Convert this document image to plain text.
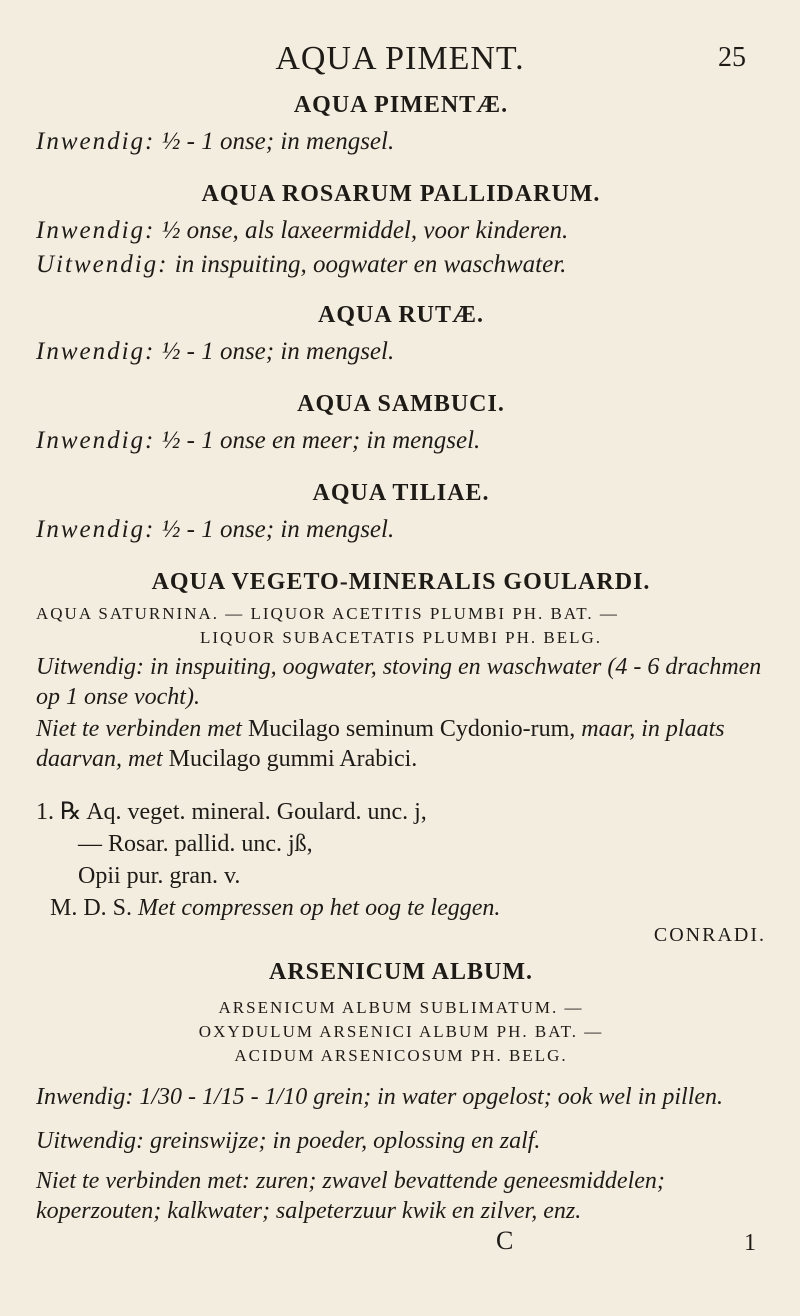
AQUA PIMENT.	25

AQUA PIMENTÆ.

Inwendig: ½ - 1 onse; in mengsel.

AQUA ROSARUM PALLIDARUM.

Inwendig: ½ onse, als laxeermiddel, voor kinderen.

Uitwendig: in inspuiting, oogwater en waschwater.

AQUA RUTÆ.

Inwendig: ½ - 1 onse; in mengsel.

AQUA SAMBUCI.

Inwendig: ½ - 1 onse en meer; in mengsel.

AQUA TILIAE.

Inwendig: ½ - 1 onse; in mengsel.

AQUA VEGETO-MINERALIS GOULARDI.

AQUA SATURNINA. — LIQUOR ACETITIS PLUMBI PH. BAT. —

LIQUOR SUBACETATIS PLUMBI PH. BELG.

Uitwendig: in inspuiting, oogwater, stoving en waschwater (4 - 6 drachmen op 1 onse vocht).

Niet te verbinden met Mucilago seminum Cydonio-rum, maar, in plaats daarvan, met Mucilago gummi Arabici.

1. ℞ Aq. veget. mineral. Goulard. unc. j,

— Rosar. pallid. unc. jß,

Opii pur. gran. v.

M. D. S. Met compressen op het oog te leggen.

CONRADI.

ARSENICUM ALBUM.

ARSENICUM ALBUM SUBLIMATUM. —

OXYDULUM ARSENICI ALBUM PH. BAT. —

ACIDUM ARSENICOSUM PH. BELG.

Inwendig: 1/30 - 1/15 - 1/10 grein; in water opgelost; ook wel in pillen.

Uitwendig: greinswijze; in poeder, oplossing en zalf.

Niet te verbinden met: zuren; zwavel bevattende geneesmiddelen; koperzouten; kalkwater; salpeterzuur kwik en zilver, enz.

C	1
